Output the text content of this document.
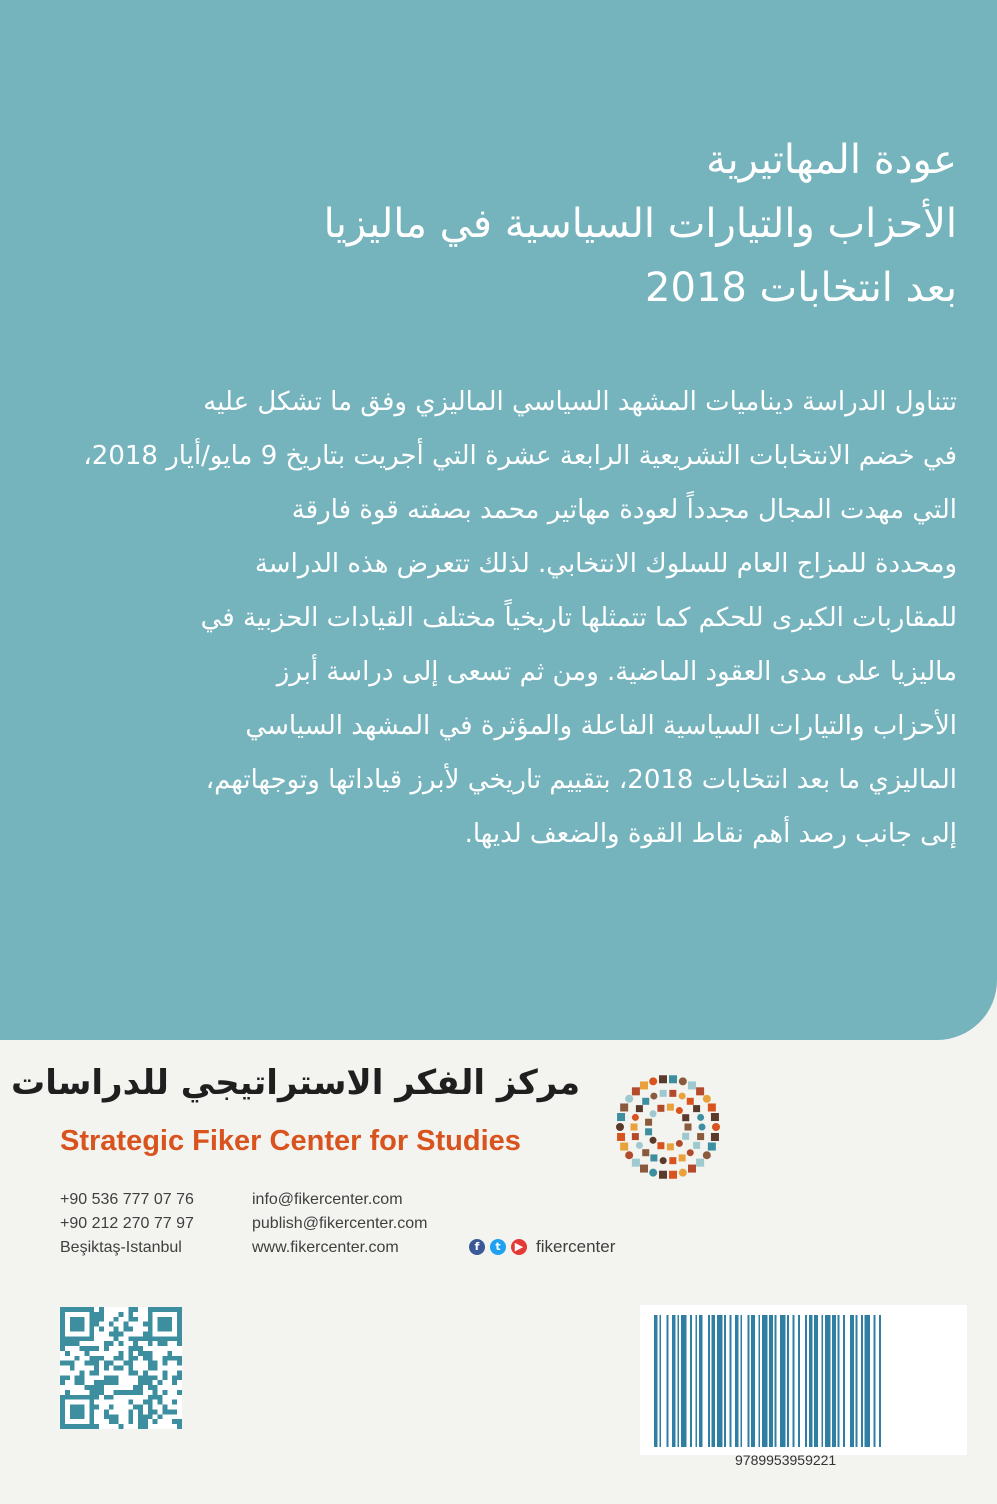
عودة المهاتيرية
الأحزاب والتيارات السياسية في ماليزيا
بعد انتخابات 2018
تتناول الدراسة ديناميات المشهد السياسي الماليزي وفق ما تشكل عليه
في خضم الانتخابات التشريعية الرابعة عشرة التي أجريت بتاريخ 9 مايو/أيار 2018،
التي مهدت المجال مجدداً لعودة مهاتير محمد بصفته قوة فارقة
ومحددة للمزاج العام للسلوك الانتخابي. لذلك تتعرض هذه الدراسة
للمقاربات الكبرى للحكم كما تتمثلها تاريخياً مختلف القيادات الحزبية في
ماليزيا على مدى العقود الماضية. ومن ثم تسعى إلى دراسة أبرز
الأحزاب والتيارات السياسية الفاعلة والمؤثرة في المشهد السياسي
الماليزي ما بعد انتخابات 2018، بتقييم تاريخي لأبرز قياداتها وتوجهاتهم،
إلى جانب رصد أهم نقاط القوة والضعف لديها.
مركز الفكر الاستراتيجي للدراسات
Strategic Fiker Center for Studies
+90 536 777 07 76
+90 212 270 77 97
Beşiktaş-Istanbul
info@fikercenter.com
publish@fikercenter.com
www.fikercenter.com	f	t	▶ fikercenter
9789953959221
